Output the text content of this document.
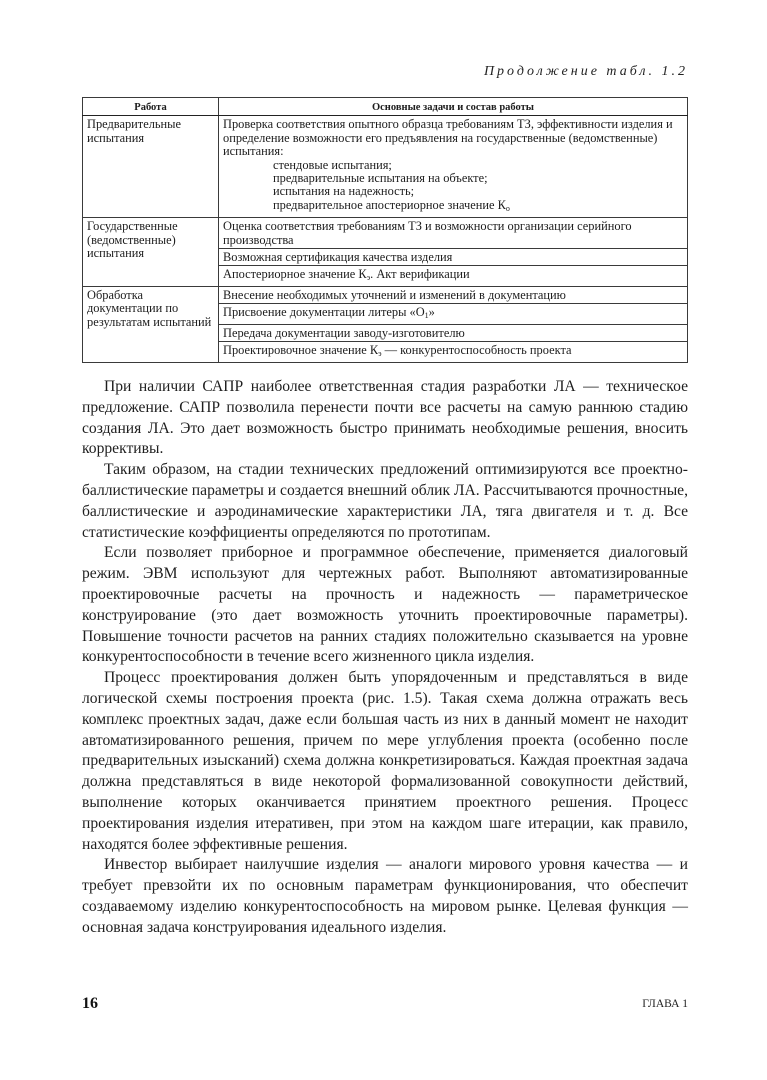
Продолжение табл. 1.2
Работа	Основные задачи и состав работы
Предварительные испытания	Проверка соответствия опытного образца требованиям ТЗ, эффективности изделия и определение возможности его предъявления на государственные (ведомственные) испытания:
стендовые испытания;
предварительные испытания на объекте;
испытания на надежность;
предварительное апостериорное значение $К_о$

Государственные (ведомственные) испытания	Оценка соответствия требованиям ТЗ и возможности организации серийного производства
	Возможная сертификация качества изделия
	Апостериорное значение $К_э$. Акт верификации
Обработка документации по результатам испытаний	Внесение необходимых уточнений и изменений в документацию
	Присвоение документации литеры «$О_1$»
	Передача документации заводу-изготовителю
	Проектировочное значение $К_э$ — конкурентоспособность проекта

При наличии САПР наиболее ответственная стадия разработки ЛА — техническое предложение. САПР позволила перенести почти все расчеты на самую раннюю стадию создания ЛА. Это дает возможность быстро принимать необходимые решения, вносить коррективы.

Таким образом, на стадии технических предложений оптимизируются все проектно-баллистические параметры и создается внешний облик ЛА. Рассчитываются прочностные, баллистические и аэродинамические характеристики ЛА, тяга двигателя и т. д. Все статистические коэффициенты определяются по прототипам.

Если позволяет приборное и программное обеспечение, применяется диалоговый режим. ЭВМ используют для чертежных работ. Выполняют автоматизированные проектировочные расчеты на прочность и надежность — параметрическое конструирование (это дает возможность уточнить проектировочные параметры). Повышение точности расчетов на ранних стадиях положительно сказывается на уровне конкурентоспособности в течение всего жизненного цикла изделия.

Процесс проектирования должен быть упорядоченным и представляться в виде логической схемы построения проекта (рис. 1.5). Такая схема должна отражать весь комплекс проектных задач, даже если большая часть из них в данный момент не находит автоматизированного решения, причем по мере углубления проекта (особенно после предварительных изысканий) схема должна конкретизироваться. Каждая проектная задача должна представляться в виде некоторой формализованной совокупности действий, выполнение которых оканчивается принятием проектного решения. Процесс проектирования изделия итеративен, при этом на каждом шаге итерации, как правило, находятся более эффективные решения.

Инвестор выбирает наилучшие изделия — аналоги мирового уровня качества — и требует превзойти их по основным параметрам функционирования, что обеспечит создаваемому изделию конкурентоспособность на мировом рынке. Целевая функция — основная задача конструирования идеального изделия.

16	ГЛАВА 1
